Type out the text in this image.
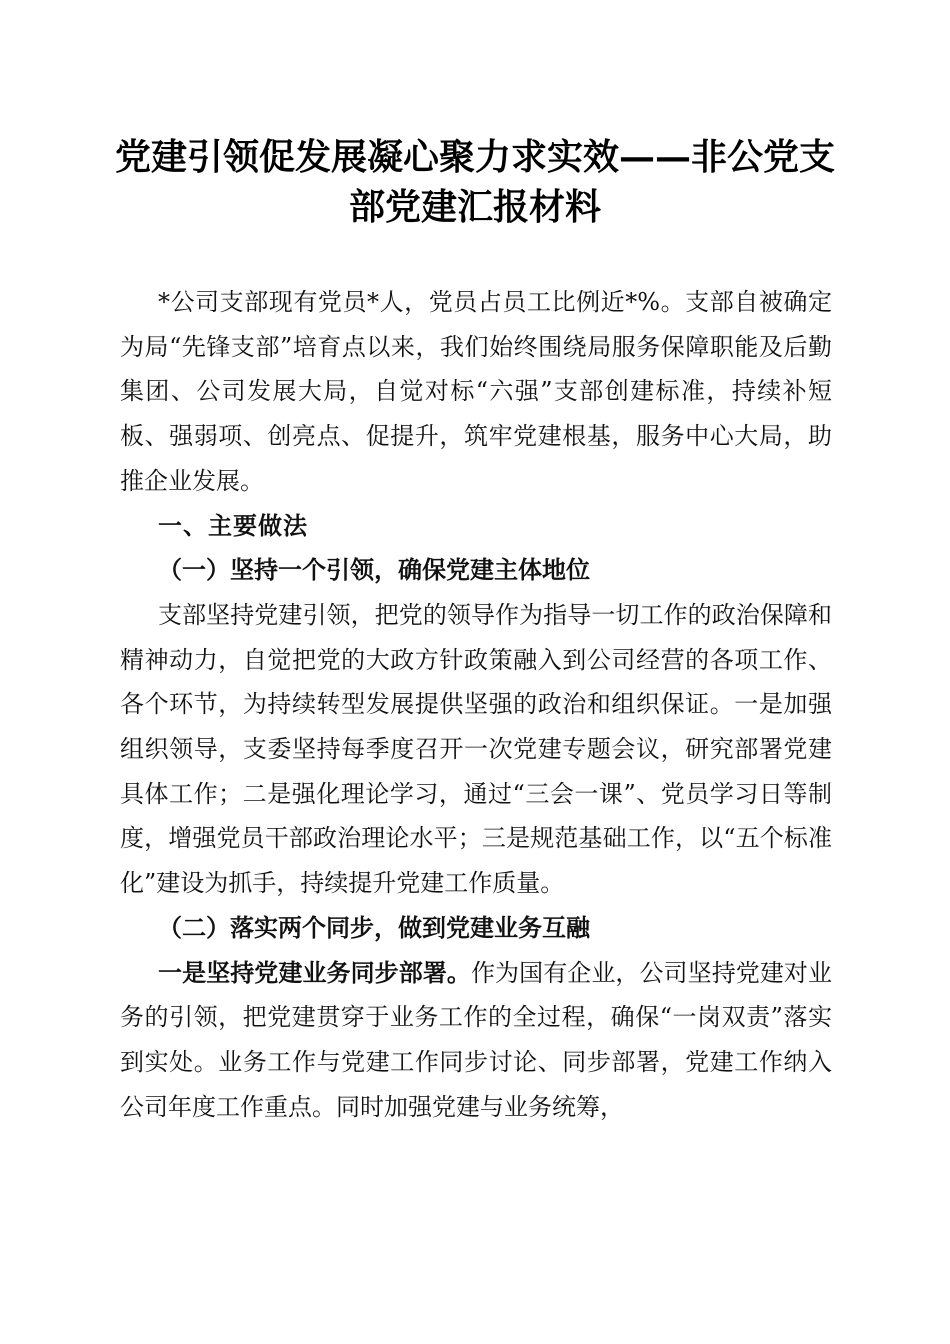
党建引领促发展凝心聚力求实效——非公党支
部党建汇报材料

*公司支部现有党员*人，党员占员工比例近*%。支部自被确定为局“先锋支部”培育点以来，我们始终围绕局服务保障职能及后勤集团、公司发展大局，自觉对标“六强”支部创建标准，持续补短板、强弱项、创亮点、促提升，筑牢党建根基，服务中心大局，助推企业发展。

一、主要做法

（一）坚持一个引领，确保党建主体地位

支部坚持党建引领，把党的领导作为指导一切工作的政治保障和精神动力，自觉把党的大政方针政策融入到公司经营的各项工作、各个环节，为持续转型发展提供坚强的政治和组织保证。一是加强组织领导，支委坚持每季度召开一次党建专题会议，研究部署党建具体工作；二是强化理论学习，通过“三会一课”、党员学习日等制度，增强党员干部政治理论水平；三是规范基础工作，以“五个标准化”建设为抓手，持续提升党建工作质量。

（二）落实两个同步，做到党建业务互融

一是坚持党建业务同步部署。作为国有企业，公司坚持党建对业务的引领，把党建贯穿于业务工作的全过程，确保“一岗双责”落实到实处。业务工作与党建工作同步讨论、同步部署，党建工作纳入公司年度工作重点。同时加强党建与业务统筹，
